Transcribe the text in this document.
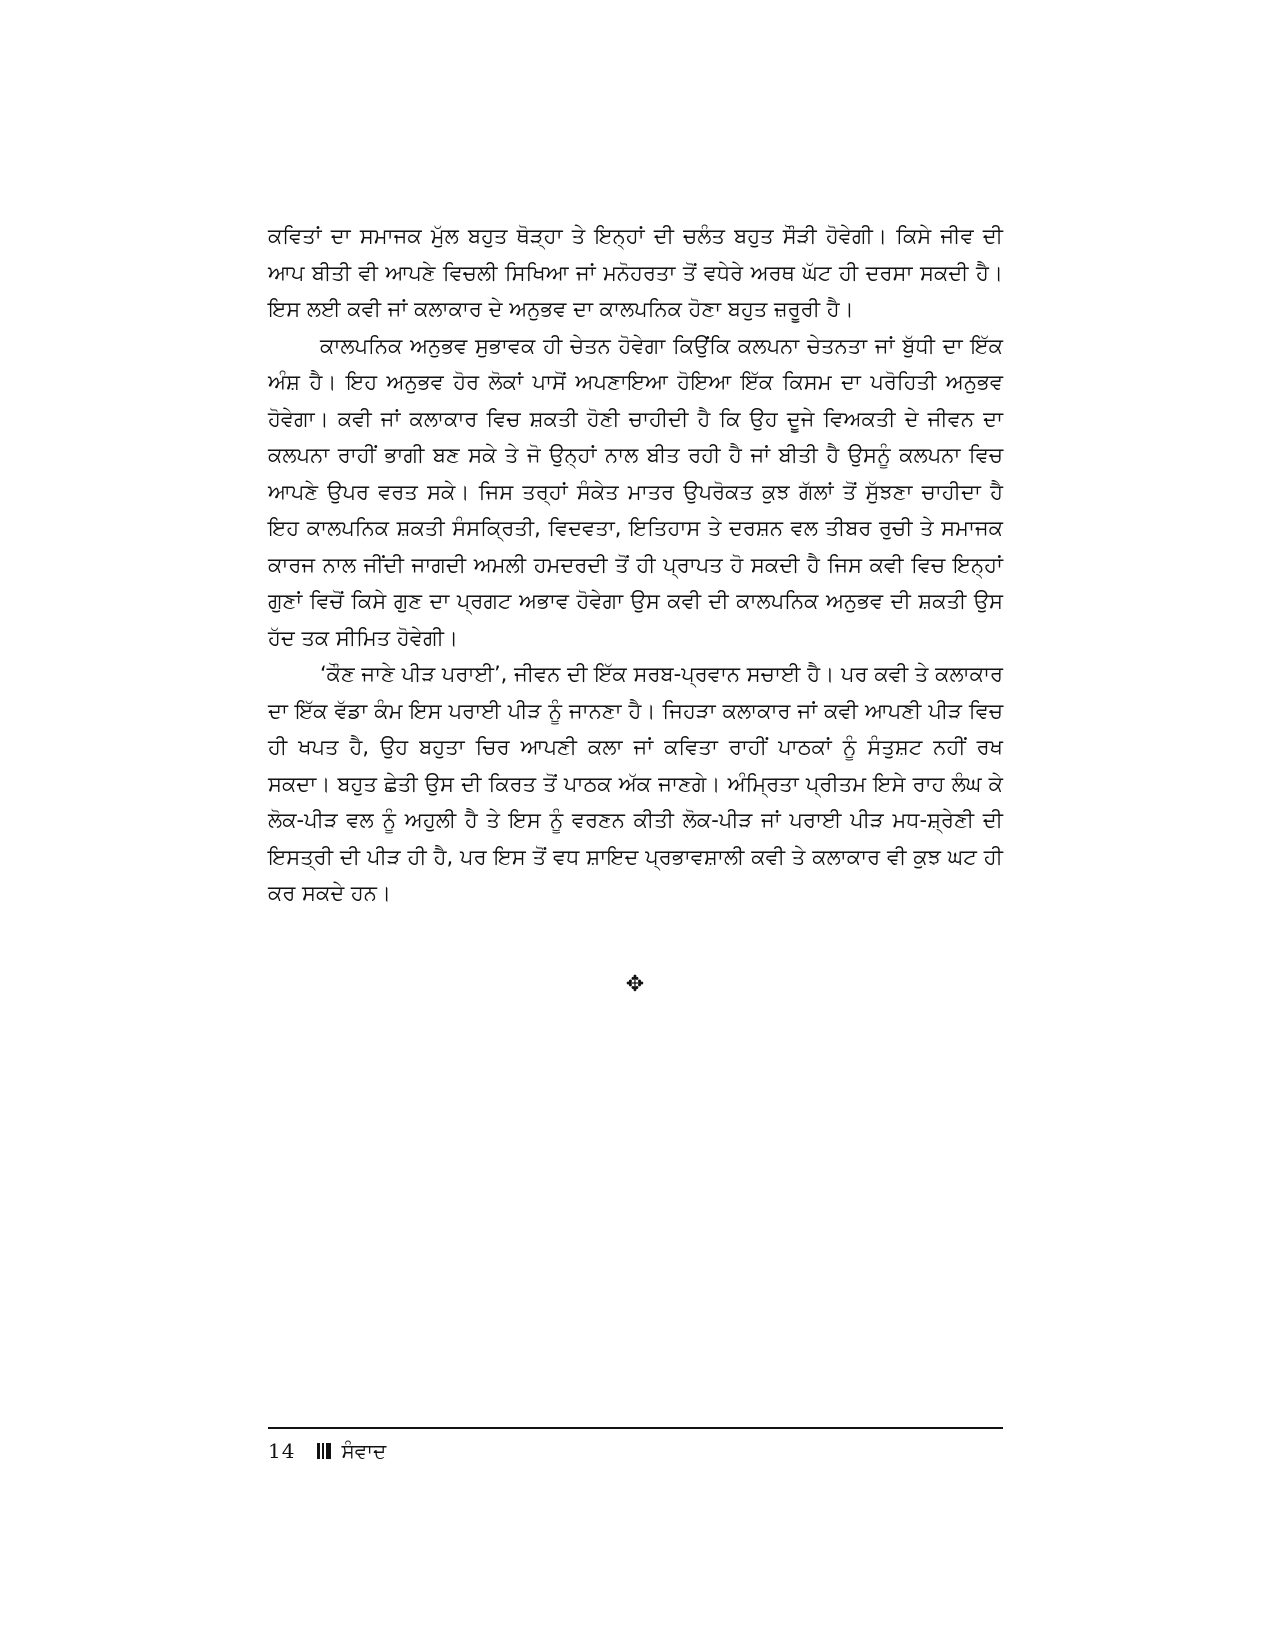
ਕਵਿਤਾਂ ਦਾ ਸਮਾਜਕ ਮੁੱਲ ਬਹੁਤ ਥੋੜ੍ਹਾ ਤੇ ਇਨ੍ਹਾਂ ਦੀ ਚਲੰਤ ਬਹੁਤ ਸੌੜੀ ਹੋਵੇਗੀ। ਕਿਸੇ ਜੀਵ ਦੀ ਆਪ ਬੀਤੀ ਵੀ ਆਪਣੇ ਵਿਚਲੀ ਸਿਖਿਆ ਜਾਂ ਮਨੋਹਰਤਾ ਤੋਂ ਵਧੇਰੇ ਅਰਥ ਘੱਟ ਹੀ ਦਰਸਾ ਸਕਦੀ ਹੈ। ਇਸ ਲਈ ਕਵੀ ਜਾਂ ਕਲਾਕਾਰ ਦੇ ਅਨੁਭਵ ਦਾ ਕਾਲਪਨਿਕ ਹੋਣਾ ਬਹੁਤ ਜ਼ਰੂਰੀ ਹੈ।

ਕਾਲਪਨਿਕ ਅਨੁਭਵ ਸੁਭਾਵਕ ਹੀ ਚੇਤਨ ਹੋਵੇਗਾ ਕਿਉਂਕਿ ਕਲਪਨਾ ਚੇਤਨਤਾ ਜਾਂ ਬੁੱਧੀ ਦਾ ਇੱਕ ਅੰਸ਼ ਹੈ। ਇਹ ਅਨੁਭਵ ਹੋਰ ਲੋਕਾਂ ਪਾਸੋਂ ਅਪਣਾਇਆ ਹੋਇਆ ਇੱਕ ਕਿਸਮ ਦਾ ਪਰੋਹਿਤੀ ਅਨੁਭਵ ਹੋਵੇਗਾ। ਕਵੀ ਜਾਂ ਕਲਾਕਾਰ ਵਿਚ ਸ਼ਕਤੀ ਹੋਣੀ ਚਾਹੀਦੀ ਹੈ ਕਿ ਉਹ ਦੂਜੇ ਵਿਅਕਤੀ ਦੇ ਜੀਵਨ ਦਾ ਕਲਪਨਾ ਰਾਹੀਂ ਭਾਗੀ ਬਣ ਸਕੇ ਤੇ ਜੋ ਉਨ੍ਹਾਂ ਨਾਲ ਬੀਤ ਰਹੀ ਹੈ ਜਾਂ ਬੀਤੀ ਹੈ ਉਸਨੂੰ ਕਲਪਨਾ ਵਿਚ ਆਪਣੇ ਉਪਰ ਵਰਤ ਸਕੇ। ਜਿਸ ਤਰ੍ਹਾਂ ਸੰਕੇਤ ਮਾਤਰ ਉਪਰੋਕਤ ਕੁਝ ਗੱਲਾਂ ਤੋਂ ਸੁੱਝਣਾ ਚਾਹੀਦਾ ਹੈ ਇਹ ਕਾਲਪਨਿਕ ਸ਼ਕਤੀ ਸੰਸਕ੍ਰਿਤੀ, ਵਿਦਵਤਾ, ਇਤਿਹਾਸ ਤੇ ਦਰਸ਼ਨ ਵਲ ਤੀਬਰ ਰੁਚੀ ਤੇ ਸਮਾਜਕ ਕਾਰਜ ਨਾਲ ਜੀਂਦੀ ਜਾਗਦੀ ਅਮਲੀ ਹਮਦਰਦੀ ਤੋਂ ਹੀ ਪ੍ਰਾਪਤ ਹੋ ਸਕਦੀ ਹੈ ਜਿਸ ਕਵੀ ਵਿਚ ਇਨ੍ਹਾਂ ਗੁਣਾਂ ਵਿਚੋਂ ਕਿਸੇ ਗੁਣ ਦਾ ਪ੍ਰਗਟ ਅਭਾਵ ਹੋਵੇਗਾ ਉਸ ਕਵੀ ਦੀ ਕਾਲਪਨਿਕ ਅਨੁਭਵ ਦੀ ਸ਼ਕਤੀ ਉਸ ਹੱਦ ਤਕ ਸੀਮਿਤ ਹੋਵੇਗੀ।

‘ਕੌਣ ਜਾਣੇ ਪੀੜ ਪਰਾਈ’, ਜੀਵਨ ਦੀ ਇੱਕ ਸਰਬ-ਪ੍ਰਵਾਨ ਸਚਾਈ ਹੈ। ਪਰ ਕਵੀ ਤੇ ਕਲਾਕਾਰ ਦਾ ਇੱਕ ਵੱਡਾ ਕੰਮ ਇਸ ਪਰਾਈ ਪੀੜ ਨੂੰ ਜਾਨਣਾ ਹੈ। ਜਿਹੜਾ ਕਲਾਕਾਰ ਜਾਂ ਕਵੀ ਆਪਣੀ ਪੀੜ ਵਿਚ ਹੀ ਖਪਤ ਹੈ, ਉਹ ਬਹੁਤਾ ਚਿਰ ਆਪਣੀ ਕਲਾ ਜਾਂ ਕਵਿਤਾ ਰਾਹੀਂ ਪਾਠਕਾਂ ਨੂੰ ਸੰਤੁਸ਼ਟ ਨਹੀਂ ਰਖ ਸਕਦਾ। ਬਹੁਤ ਛੇਤੀ ਉਸ ਦੀ ਕਿਰਤ ਤੋਂ ਪਾਠਕ ਅੱਕ ਜਾਣਗੇ। ਅੰਮ੍ਰਿਤਾ ਪ੍ਰੀਤਮ ਇਸੇ ਰਾਹ ਲੰਘ ਕੇ ਲੋਕ-ਪੀੜ ਵਲ ਨੂੰ ਅਹੁਲੀ ਹੈ ਤੇ ਇਸ ਨੂੰ ਵਰਣਨ ਕੀਤੀ ਲੋਕ-ਪੀੜ ਜਾਂ ਪਰਾਈ ਪੀੜ ਮਧ-ਸ਼੍ਰੇਣੀ ਦੀ ਇਸਤ੍ਰੀ ਦੀ ਪੀੜ ਹੀ ਹੈ, ਪਰ ਇਸ ਤੋਂ ਵਧ ਸ਼ਾਇਦ ਪ੍ਰਭਾਵਸ਼ਾਲੀ ਕਵੀ ਤੇ ਕਲਾਕਾਰ ਵੀ ਕੁਝ ਘਟ ਹੀ ਕਰ ਸਕਦੇ ਹਨ।

✥
14 ਸੰਵਾਦ
